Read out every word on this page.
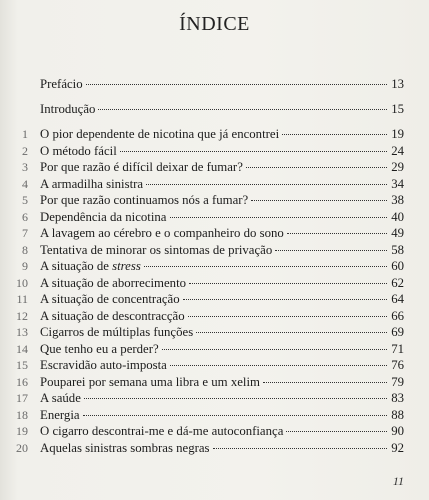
ÍNDICE
Prefácio	13
Introdução	15
1 O pior dependente de nicotina que já encontrei	19
2 O método fácil	24
3 Por que razão é difícil deixar de fumar?	29
4 A armadilha sinistra	34
5 Por que razão continuamos nós a fumar?	38
6 Dependência da nicotina	40
7 A lavagem ao cérebro e o companheiro do sono	49
8 Tentativa de minorar os sintomas de privação	58
9 A situação de stress	60
10 A situação de aborrecimento	62
11 A situação de concentração	64
12 A situação de descontracção	66
13 Cigarros de múltiplas funções	69
14 Que tenho eu a perder?	71
15 Escravidão auto-imposta	76
16 Pouparei por semana uma libra e um xelim	79
17 A saúde	83
18 Energia	88
19 O cigarro descontrai-me e dá-me autoconfiança	90
20 Aquelas sinistras sombras negras	92
11
